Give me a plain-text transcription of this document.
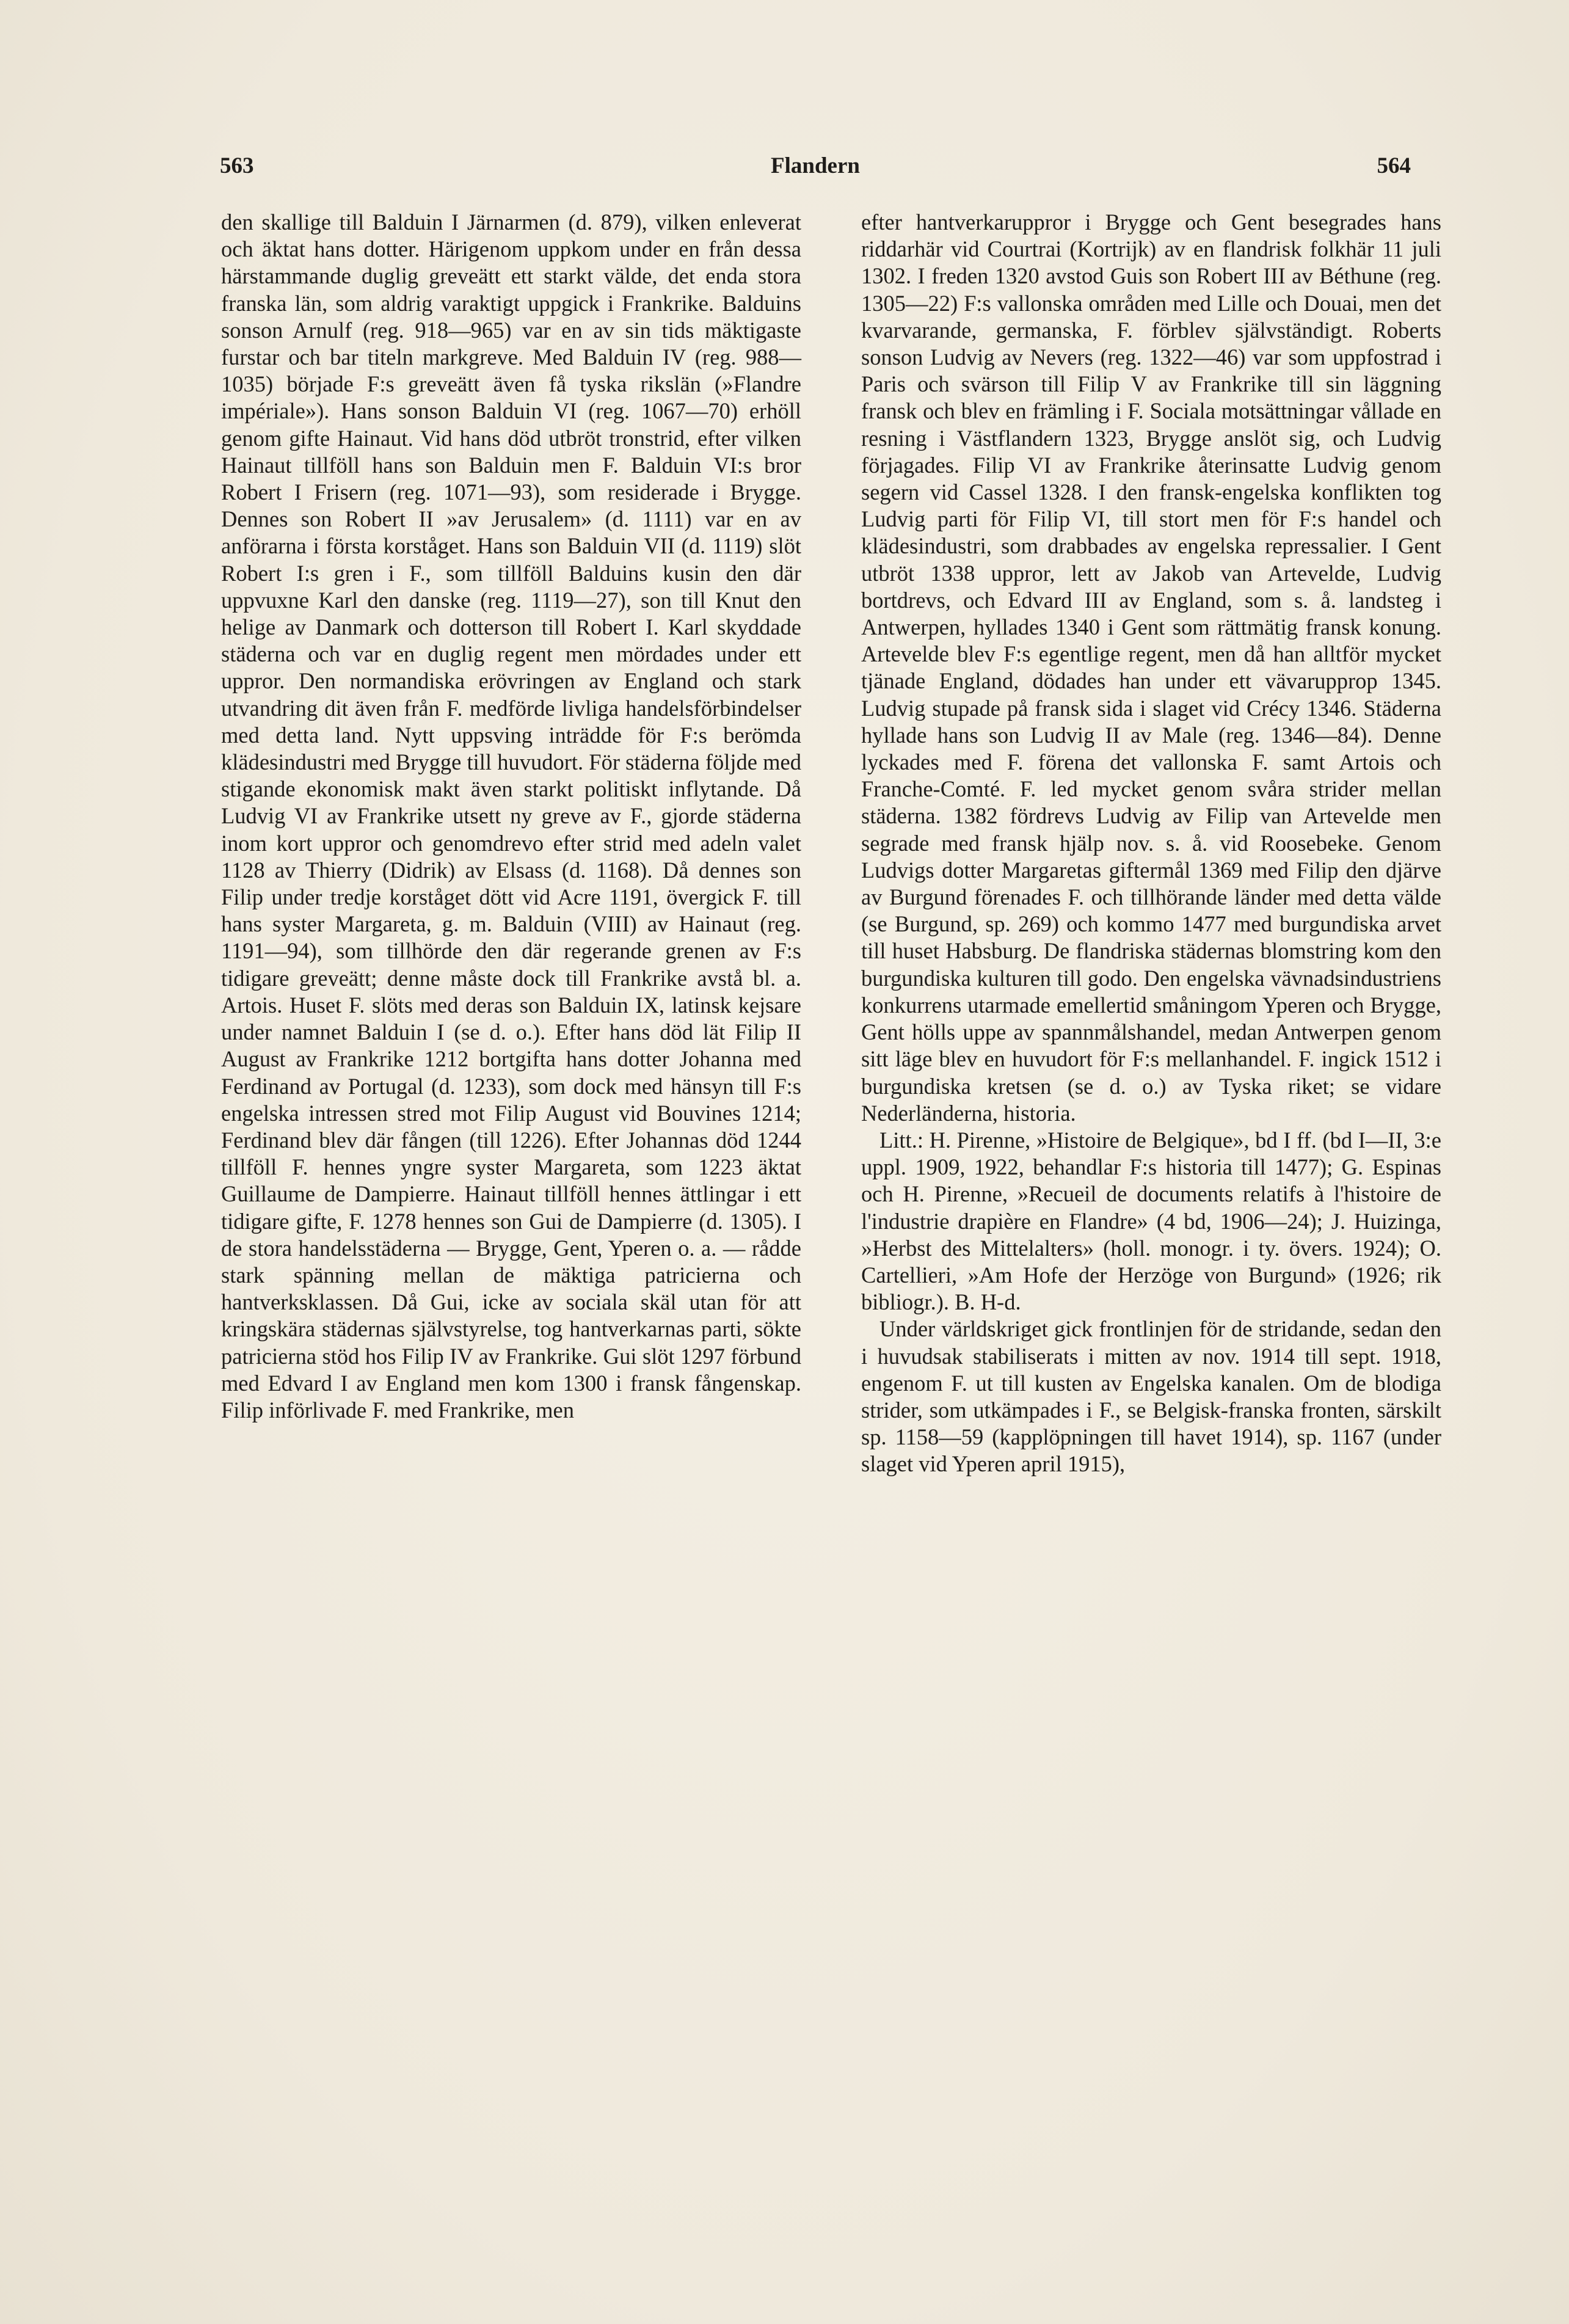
563	Flandern	564

den skallige till Balduin I Järnarmen (d. 879), vilken enleverat och äktat hans dotter. Härigenom uppkom under en från dessa härstammande duglig greveätt ett starkt välde, det enda stora franska län, som aldrig varaktigt uppgick i Frankrike. Balduins sonson Arnulf (reg. 918—965) var en av sin tids mäktigaste furstar och bar titeln markgreve. Med Balduin IV (reg. 988—1035) började F:s greveätt även få tyska rikslän (»Flandre impériale»). Hans sonson Balduin VI (reg. 1067—70) erhöll genom gifte Hainaut. Vid hans död utbröt tronstrid, efter vilken Hainaut tillföll hans son Balduin men F. Balduin VI:s bror Robert I Frisern (reg. 1071—93), som residerade i Brygge. Dennes son Robert II »av Jerusalem» (d. 1111) var en av anförarna i första korståget. Hans son Balduin VII (d. 1119) slöt Robert I:s gren i F., som tillföll Balduins kusin den där uppvuxne Karl den danske (reg. 1119—27), son till Knut den helige av Danmark och dotterson till Robert I. Karl skyddade städerna och var en duglig regent men mördades under ett uppror. Den normandiska erövringen av England och stark utvandring dit även från F. medförde livliga handelsförbindelser med detta land. Nytt uppsving inträdde för F:s berömda klädesindustri med Brygge till huvudort. För städerna följde med stigande ekonomisk makt även starkt politiskt inflytande. Då Ludvig VI av Frankrike utsett ny greve av F., gjorde städerna inom kort uppror och genomdrevo efter strid med adeln valet 1128 av Thierry (Didrik) av Elsass (d. 1168). Då dennes son Filip under tredje korståget dött vid Acre 1191, övergick F. till hans syster Margareta, g. m. Balduin (VIII) av Hainaut (reg. 1191—94), som tillhörde den där regerande grenen av F:s tidigare greveätt; denne måste dock till Frankrike avstå bl. a. Artois. Huset F. slöts med deras son Balduin IX, latinsk kejsare under namnet Balduin I (se d. o.). Efter hans död lät Filip II August av Frankrike 1212 bortgifta hans dotter Johanna med Ferdinand av Portugal (d. 1233), som dock med hänsyn till F:s engelska intressen stred mot Filip August vid Bouvines 1214; Ferdinand blev där fången (till 1226). Efter Johannas död 1244 tillföll F. hennes yngre syster Margareta, som 1223 äktat Guillaume de Dampierre. Hainaut tillföll hennes ättlingar i ett tidigare gifte, F. 1278 hennes son Gui de Dampierre (d. 1305). I de stora handelsstäderna — Brygge, Gent, Yperen o. a. — rådde stark spänning mellan de mäktiga patricierna och hantverksklassen. Då Gui, icke av sociala skäl utan för att kringskära städernas självstyrelse, tog hantverkarnas parti, sökte patricierna stöd hos Filip IV av Frankrike. Gui slöt 1297 förbund med Edvard I av England men kom 1300 i fransk fångenskap. Filip införlivade F. med Frankrike, men

efter hantverkaruppror i Brygge och Gent besegrades hans riddarhär vid Courtrai (Kortrijk) av en flandrisk folkhär 11 juli 1302. I freden 1320 avstod Guis son Robert III av Béthune (reg. 1305—22) F:s vallonska områden med Lille och Douai, men det kvarvarande, germanska, F. förblev självständigt. Roberts sonson Ludvig av Nevers (reg. 1322—46) var som uppfostrad i Paris och svärson till Filip V av Frankrike till sin läggning fransk och blev en främling i F. Sociala motsättningar vållade en resning i Västflandern 1323, Brygge anslöt sig, och Ludvig förjagades. Filip VI av Frankrike återinsatte Ludvig genom segern vid Cassel 1328. I den fransk-engelska konflikten tog Ludvig parti för Filip VI, till stort men för F:s handel och klädesindustri, som drabbades av engelska repressalier. I Gent utbröt 1338 uppror, lett av Jakob van Artevelde, Ludvig bortdrevs, och Edvard III av England, som s. å. landsteg i Antwerpen, hyllades 1340 i Gent som rättmätig fransk konung. Artevelde blev F:s egentlige regent, men då han alltför mycket tjänade England, dödades han under ett vävarupprор 1345. Ludvig stupade på fransk sida i slaget vid Crécy 1346. Städerna hyllade hans son Ludvig II av Male (reg. 1346—84). Denne lyckades med F. förena det vallonska F. samt Artois och Franche-Comté. F. led mycket genom svåra strider mellan städerna. 1382 fördrevs Ludvig av Filip van Artevelde men segrade med fransk hjälp nov. s. å. vid Roosebeke. Genom Ludvigs dotter Margaretas giftermål 1369 med Filip den djärve av Burgund förenades F. och tillhörande länder med detta välde (se Burgund, sp. 269) och kommo 1477 med burgundiska arvet till huset Habsburg. De flandriska städernas blomstring kom den burgundiska kulturen till godo. Den engelska vävnadsindustriens konkurrens utarmade emellertid småningom Yperen och Brygge, Gent hölls uppe av spannmålshandel, medan Antwerpen genom sitt läge blev en huvudort för F:s mellanhandel. F. ingick 1512 i burgundiska kretsen (se d. o.) av Tyska riket; se vidare Nederländerna, historia.

Litt.: H. Pirenne, »Histoire de Belgique», bd I ff. (bd I—II, 3:e uppl. 1909, 1922, behandlar F:s historia till 1477); G. Espinas och H. Pirenne, »Recueil de documents relatifs à l'histoire de l'industrie drapière en Flandre» (4 bd, 1906—24); J. Huizinga, »Herbst des Mittelalters» (holl. monogr. i ty. övers. 1924); O. Cartellieri, »Am Hofe der Herzöge von Burgund» (1926; rik bibliogr.). B. H-d.

Under världskriget gick frontlinjen för de stridande, sedan den i huvudsak stabiliserats i mitten av nov. 1914 till sept. 1918, engenom F. ut till kusten av Engelska kanalen. Om de blodiga strider, som utkämpades i F., se Belgisk-franska fronten, särskilt sp. 1158—59 (kapplöpningen till havet 1914), sp. 1167 (under slaget vid Yperen april 1915),
